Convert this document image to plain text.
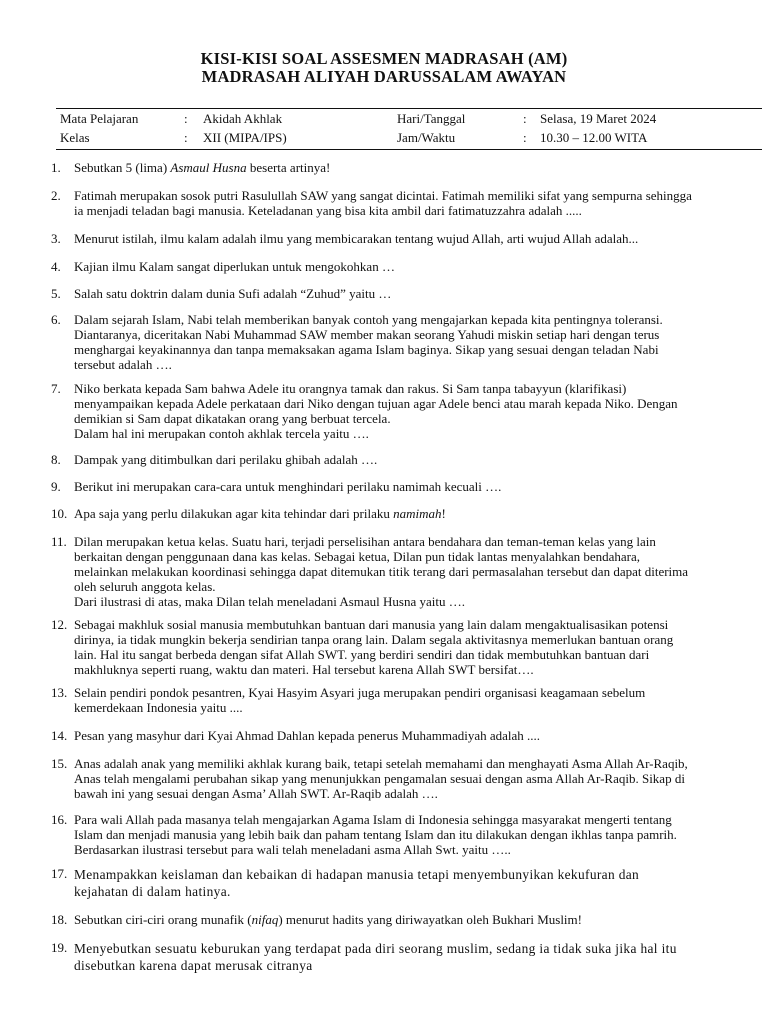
KISI-KISI SOAL ASSESMEN MADRASAH (AM)
MADRASAH ALIYAH DARUSSALAM AWAYAN
Mata Pelajaran	: Akidah Akhlak	Hari/Tanggal	: Selasa, 19 Maret 2024
Kelas	: XII (MIPA/IPS)	Jam/Waktu	: 10.30 – 12.00 WITA
1.	Sebutkan 5 (lima) Asmaul Husna beserta artinya!
2.	Fatimah merupakan sosok putri Rasulullah SAW yang sangat dicintai. Fatimah memiliki sifat yang sempurna sehingga
ia menjadi teladan bagi manusia. Keteladanan yang bisa kita ambil dari fatimatuzzahra adalah .....
3.	Menurut istilah, ilmu kalam adalah ilmu yang membicarakan tentang wujud Allah, arti wujud Allah adalah...
4.	Kajian ilmu Kalam sangat diperlukan untuk mengokohkan …
5.	Salah satu doktrin dalam dunia Sufi adalah “Zuhud” yaitu …
6.	Dalam sejarah Islam, Nabi telah memberikan banyak contoh yang mengajarkan kepada kita pentingnya toleransi.
Diantaranya, diceritakan Nabi Muhammad SAW member makan seorang Yahudi miskin setiap hari dengan terus
menghargai keyakinannya dan tanpa memaksakan agama Islam baginya. Sikap yang sesuai dengan teladan Nabi
tersebut adalah ….
7.	Niko berkata kepada Sam bahwa Adele itu orangnya tamak dan rakus. Si Sam tanpa tabayyun (klarifikasi)
menyampaikan kepada Adele perkataan dari Niko dengan tujuan agar Adele benci atau marah kepada Niko. Dengan
demikian si Sam dapat dikatakan orang yang berbuat tercela.
Dalam hal ini merupakan contoh akhlak tercela yaitu ….
8.	Dampak yang ditimbulkan dari perilaku ghibah adalah ….
9.	Berikut ini merupakan cara-cara untuk menghindari perilaku namimah kecuali ….
10. Apa saja yang perlu dilakukan agar kita tehindar dari prilaku namimah!
11. Dilan merupakan ketua kelas. Suatu hari, terjadi perselisihan antara bendahara dan teman-teman kelas yang lain
berkaitan dengan penggunaan dana kas kelas. Sebagai ketua, Dilan pun tidak lantas menyalahkan bendahara,
melainkan melakukan koordinasi sehingga dapat ditemukan titik terang dari permasalahan tersebut dan dapat diterima
oleh seluruh anggota kelas.
Dari ilustrasi di atas, maka Dilan telah meneladani Asmaul Husna yaitu ….
12. Sebagai makhluk sosial manusia membutuhkan bantuan dari manusia yang lain dalam mengaktualisasikan potensi
dirinya, ia tidak mungkin bekerja sendirian tanpa orang lain. Dalam segala aktivitasnya memerlukan bantuan orang
lain. Hal itu sangat berbeda dengan sifat Allah SWT. yang berdiri sendiri dan tidak membutuhkan bantuan dari
makhluknya seperti ruang, waktu dan materi. Hal tersebut karena Allah SWT bersifat….
13. Selain pendiri pondok pesantren, Kyai Hasyim Asyari juga merupakan pendiri organisasi keagamaan sebelum
kemerdekaan Indonesia yaitu ....
14. Pesan yang masyhur dari Kyai Ahmad Dahlan kepada penerus Muhammadiyah adalah ....
15. Anas adalah anak yang memiliki akhlak kurang baik, tetapi setelah memahami dan menghayati Asma Allah Ar-Raqib,
Anas telah mengalami perubahan sikap yang menunjukkan pengamalan sesuai dengan asma Allah Ar-Raqib. Sikap di
bawah ini yang sesuai dengan Asma’ Allah SWT. Ar-Raqib adalah ….
16. Para wali Allah pada masanya telah mengajarkan Agama Islam di Indonesia sehingga masyarakat mengerti tentang
Islam dan menjadi manusia yang lebih baik dan paham tentang Islam dan itu dilakukan dengan ikhlas tanpa pamrih.
Berdasarkan ilustrasi tersebut para wali telah meneladani asma Allah Swt. yaitu …..
17. Menampakkan keislaman dan kebaikan di hadapan manusia tetapi menyembunyikan kekufuran dan
kejahatan di dalam hatinya.
18. Sebutkan ciri-ciri orang munafik (nifaq) menurut hadits yang diriwayatkan oleh Bukhari Muslim!
19. Menyebutkan sesuatu keburukan yang terdapat pada diri seorang muslim, sedang ia tidak suka jika hal itu
disebutkan karena dapat merusak citranya
